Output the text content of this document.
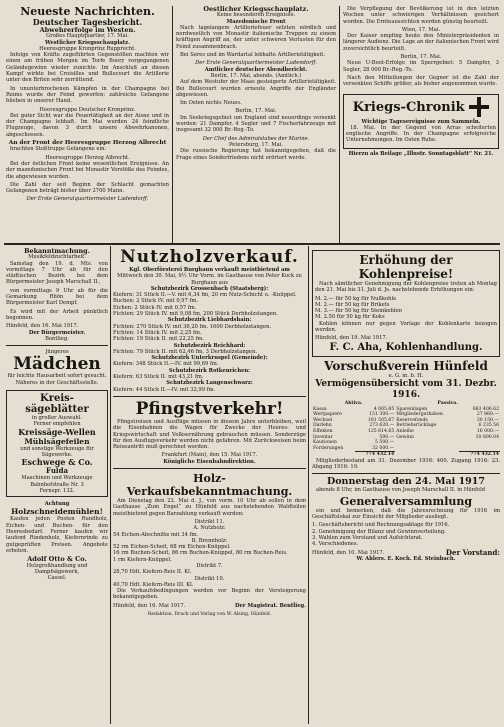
Neueste Nachrichten.
Deutscher Tagesbericht.
Abwehrerfolge im Westen.
Großes Hauptquartier, 17. Mai.
Westlicher Kriegsschauplatz.
Heeresgruppe Kronprinz Rupprecht.

Infolge von Kräfte zugeführten Gegenstößen machten wir einen am frühen Morgen im Torfe Boery vorgegangenen Geländegewinn wieder zunichte. Im Anschluß an diesen Kampf wirkte bei Croisilles und Bullecourt die Artillerie unter den Briten sehr zerrüttend.

In ununterbrochenen Kämpfen in der Champagne bei Reims wurde der Feind geworfen; zahlreiche Gefangene blieben in unserer Hand.

Heeresgruppe Deutscher Kronprinz.

Bei guter Sicht war die Feuertätigkeit an der Aisne und in der Champagne lebhaft. Im Mai wurden 24 feindliche Flugzeuge, davon 3 durch unsere Abwehrkanonen, abgeschossen.

An der Front der Heeresgruppe Herzog Albrecht

brachten Stoßtrupps Gefangene ein.

Heeresgruppe Herzog Albrecht.

Bei der östlichen Front keine wesentlichen Ereignisse. An der mazedonischen Front bei Monastir Vorstöße des Feindes, die abgewiesen wurden.

Die Zahl der seit Beginn der Schlacht gemachten Gefangenen beträgt bisher über 2700 Mann.

Der Erste Generalquartiermeister Ludendorff.
Oestlicher Kriegsschauplatz.
Keine besonderen Ereignisse.
Mazedonische Front

Nach tagelangem Artilleriefeuer setzten nördlich und nordwestlich von Monastir italienische Truppen zu einem kräftigen Angriff an, der unter schweren Verlusten für den Feind zusammenbrach.

Bei Seres und im Wardartal lebhafte Artillerietätigkeit.

Der Erste Generalquartiermeister Ludendorff.
Amtlicher deutscher Abendbericht.
Berlin, 17. Mai, abends. (Amtlich.)

Auf dem Westufer der Maas gesteigerte Artillerietätigkeit. Bei Bullecourt wurden erneute Angriffe der Engländer abgewiesen.

Im Osten nichts Neues.

Berlin, 17. Mai.

Im Seekriegsgebiet um England sind neuerdings versenkt worden: 21 Dampfer, 4 Segler und 7 Fischerfahrzeuge mit insgesamt 32 000 Br.-Reg.-To.

Der Chef des Admiralstabes der Marine.
Petersburg, 17. Mai.

Die russische Regierung hat bekanntgegeben, daß die Frage eines Sonderfriedens nicht erörtert werde.

Die Verpflegung der Bevölkerung ist in den letzten Wochen unter schwierigen Verhältnissen gesichert worden. Die Ernteaussichten werden günstig beurteilt.

Wien, 17. Mai.

Der Kaiser empfing heute den Ministerpräsidenten in längerer Audienz. Die Lage an der italienischen Front wird zuversichtlich beurteilt.

Berlin, 17. Mai.

Neue U-Boot-Erfolge im Sperrgebiet: 5 Dampfer, 3 Segler, 28 000 Br.-Reg.-To.

Nach den Mitteilungen der Gegner ist die Zahl der versenkten Schiffe größer, als bisher angenommen wurde.

Kriegs-Chronik
Wichtige Tagesereignisse zum Sammeln.

18. Mai. In der Gegend von Arras scheiterten englische Angriffe. In der Champagne erfolgreiche Unternehmungen. Im Osten Ruhe.

Hierzu als Beilage „Illustr. Sonntagsblatt“ Nr. 21.
Bekanntmachung.
Musikfeldzuchtarbeit.

Samstag den 19. d. Mts. von vormittags 7 Uhr ab für den städtischen Bezirk bei dem Bürgermeister Joseph Marschall II.,

von vormittags 9 Uhr ab für die Gemarkung Rhön bei dem Bürgermeister Karl Dempf.

Es wird mit der Arbeit pünktlich begonnen.

Hünfeld, den 16. Mai 1917.
Der Bürgermeister.
Bentlieg.
Jüngeres
Mädchen
für leichte Hausarbeit sofort gesucht.
Näheres in der Geschäftsstelle.
Kreis-sägeblätter
in großer Auswahl.
Ferner empfehlen
Kreissäge-Wellen
Mühlsägefeilen
und sonstige Werkzeuge für Sägewerke.
Eschwege & Co.
Fulda
Maschinen und Werkzeuge Bahnhofstraße Nr. 3
Fernspr. 132.
Achtung
Holzschneidemühlen!

Kaufen jeden Posten Rundholz, Eichen- und Buchen- für den Heeresbedarf. Ferner kaufen wir laufend Rindenholz, Kiefernrinde zu gutgeprüften Preisen. Angebote erbeten.

Adolf Otto & Co.
Holzgroßhandlung und Dampfsägewerk,
Cassel.
Nutzholzverkauf.
Kgl. Oberförsterei Burghaun verkauft meistbietend am
Mittwoch den 30. Mai, 9½ Uhr Vorm. im Gasthause von Peter Kock zu Burghaun aus
Schutzbezirk Grossenbach (Staatsberg):
Kiefern: 31 Stück II.—V. mit 6,34 fm, 20 rm Nutz-Schicht u. -Knüppel.
Buchen: 2 Stück IV. mit 0,97 fm.
Eichen: 2 Stück IV. mit 0,57 fm.
Fichten: 29 Stück IV. mit 9,08 fm, 200 Stück Derbholzstangen.
Schutzbezirk Liebhardshain:
Fichten: 270 Stück IV. mit 36,20 fm. 1600 Derbholzstangen.
Fichten: 14 Stück IV. mit 2,25 fm.
Fichten: 19 Stück II. mit 22,25 fm.
Schutzbezirk Reichhard:
Fichten: 79 Stück II. mit 62,46 fm, 3 Derbholzstangen.
Schutzbezirk Unterkruspel (Gemeinde):
Kiefern: 348 Stück II.—IV. mit 99,69 fm.
Schutzbezirk Rotkenrichen:
Kiefern: 63 Stück II. mit 43,21 fm.
Schutzbezirk Langenschwarz:
Kiefern: 44 Stück II.—IV. mit 32,99 fm.
Pfingstverkehr!

Pfingstreisen und Ausflüge müssen in diesem Jahre unterbleiben, weil die Eisenbahnen die Wagen für Zwecke der Heeres- und Kriegswirtschaft und Volksernährung gebrauchen müssen. Sonderzüge für den Ausflugsverkehr werden nicht gefahren. Mit Zurückweisen beim Reiseantritt muß gerechnet werden.

Frankfurt (Main), den 15. Mai 1917.
Königliche Eisenbahndirektion.
Holz-Verkaufsbekanntmachung.

Am Dienstag den 22. Mai d. J., von vorm. 10 Uhr ab sollen in dem Gasthause „Zum Engel“ zu Hünfeld aus nachstehenden Waldteilen meistbietend gegen Barzahlung verkauft werden:

Distrikt 11.
A. Nutzholz:
54 Eichen-Abschnitte mit 34 fm.
B. Brennholz:
52 rm Eichen-Scheit, 68 rm Eichen-Knüppel.
16 rm Buchen-Scheit, 86 rm Buchen-Knüppel, 80 rm Buchen-Reis.
1 rm Kiefern-Knüppel.
Distrikt 7.
28,70 Hdt. Kiefern-Reis II. Kl.
Distrikt 10.
40,70 Hdt. Kiefern-Reis III. Kl.

Die Verkaufsbedingungen werden vor Beginn der Versteigerung bekanntgegeben.

Hünfeld, den 16. Mai 1917.	Der Magistrat. Bentlieg.
Redaktion, Druck und Verlag von W. Alsing, Hünfeld.
Erhöhung der Kohlenpreise!

Nach sämtlicher Genehmigung der Kohlenpreise treten ab Montag den 21. Mai bis 31. Juli d. Js. nachstehende Erhöhungen ein:

M. 2.— für 50 kg für Nußkohle
M. 2.— für 50 kg für Brikets
M. 3.— für 50 kg für Steinkohlen
M. 2.50 für 50 kg für Koks

Kohlen können nur gegen Vorlage der Kohlenkarte bezogen werden.

Hünfeld, den 19. Mai 1917.
F. C. Aha, Kohlenhandlung.
Vorschußverein Hünfeld
e. G. m. b. H.
Vermögensübersicht vom 31. Dezbr. 1916.
Aktiva.		Passiva.	
Kassa	4 005.85	Spareinlagen	683 406.62
Wertpapiere	151 300.—	Mitgliederguthaben	27 860.—
Wechsel	181 505.67	Reservefonds	30 150.—
Darlehn	273 620.—	Betriebsrücklage	6 235.56
Effekten	125 614.65	Anleihe	16 000.—
Inventar	500.—	Gewinn	10 800.04
Kautionen	5 500.—		
Forderungen	32 000.—		
	774 432.14		774 432.14

Mitgliederbestand am 31. Dezember 1916: 460. Zugang 1916: 23. Abgang 1916: 19.

Donnerstag den 24. Mai 1917

abends 8 Uhr, im Gasthause von Joseph Marschall II. in Hünfeld

Generalversammlung

ein und bemerken, daß die Jahresrechnung für 1916 im Geschäftslokal zur Einsicht der Mitglieder ausliegt.

1. Geschäftsbericht und Rechnungsablage für 1916.
2. Genehmigung der Bilanz und Gewinnverteilung.
3. Wahlen zum Vorstand und Aufsichtsrat.
4. Verschiedenes.
Hünfeld, den 10. Mai 1917.	Der Vorstand:
W. Ahlers. E. Koch. Ed. Steinbach.
